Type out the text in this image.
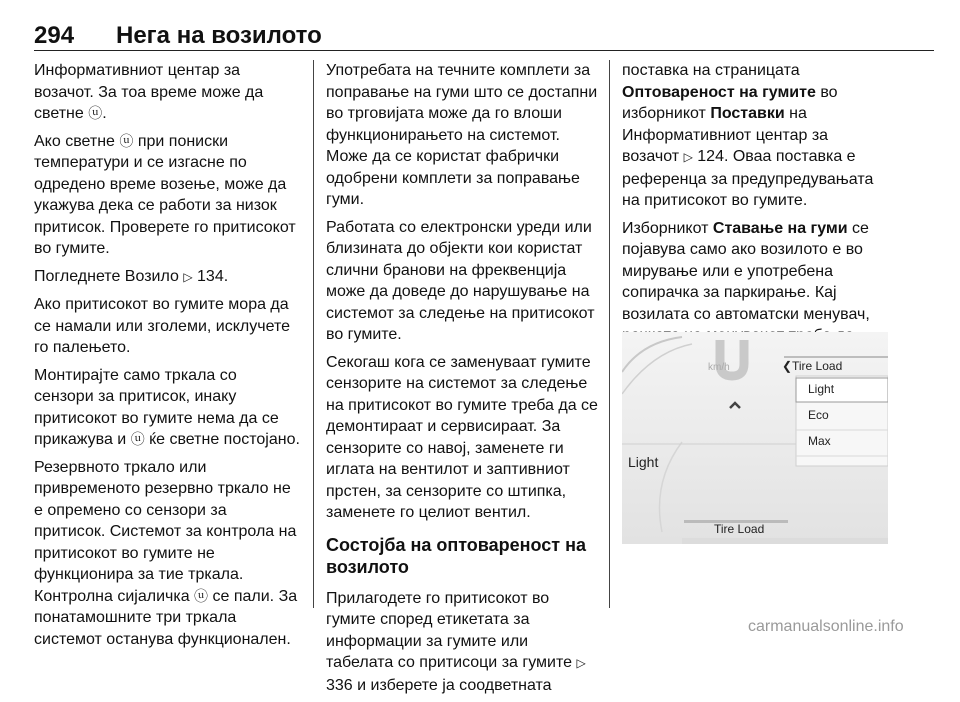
294 Нега на возилото

Информативниот центар за возачот. За тоа време може да светне ⓤ.

Ако светне ⓤ при пониски температури и се изгасне по одредено време возење, може да укажува дека се работи за низок притисок. Проверете го притисокот во гумите.

Погледнете Возило ▷ 134.

Ако притисокот во гумите мора да се намали или зголеми, исклучете го палењето.

Монтирајте само тркала со сензори за притисок, инаку притисокот во гумите нема да се прикажува и ⓤ ќе светне постојано.

Резервното тркало или привременото резервно тркало не е опремено со сензори за притисок. Системот за контрола на притисокот во гумите не функционира за тие тркала. Контролна сијаличка ⓤ се пали. За понатамошните три тркала системот останува функционален.

Употребата на течните комплети за поправање на гуми што се достапни во трговијата може да го влоши функционирањето на системот. Може да се користат фабрички одобрени комплети за поправање гуми.

Работата со електронски уреди или близината до објекти кои користат слични бранови на фреквенција може да доведе до нарушување на системот за следење на притисокот во гумите.

Секогаш кога се заменуваат гумите сензорите на системот за следење на притисокот во гумите треба да се демонтираат и сервисираат. За сензорите со навој, заменете ги иглата на вентилот и заптивниот прстен, за сензорите со штипка, заменете го целиот вентил.

Состојба на оптовареност на возилото

Прилагодете го притисокот во гумите според етикетата за информации за гумите или табелата со притисоци за гумите ▷ 336 и изберете ја соодветната

поставка на страницата Оптовареност на гумите во изборникот Поставки на Информативниот центар за возачот ▷ 124. Оваа поставка е референца за предупредувањата на притисокот во гумите.

Изборникот Ставање на гуми се појавува само ако возилото е во мирување или е употребена сопирачка за паркирање. Кај возилата со автоматски менувач,

km/h	❮ Tire Load
Light
Eco
Max
Light
Tire Load
carmanualsonline.info
